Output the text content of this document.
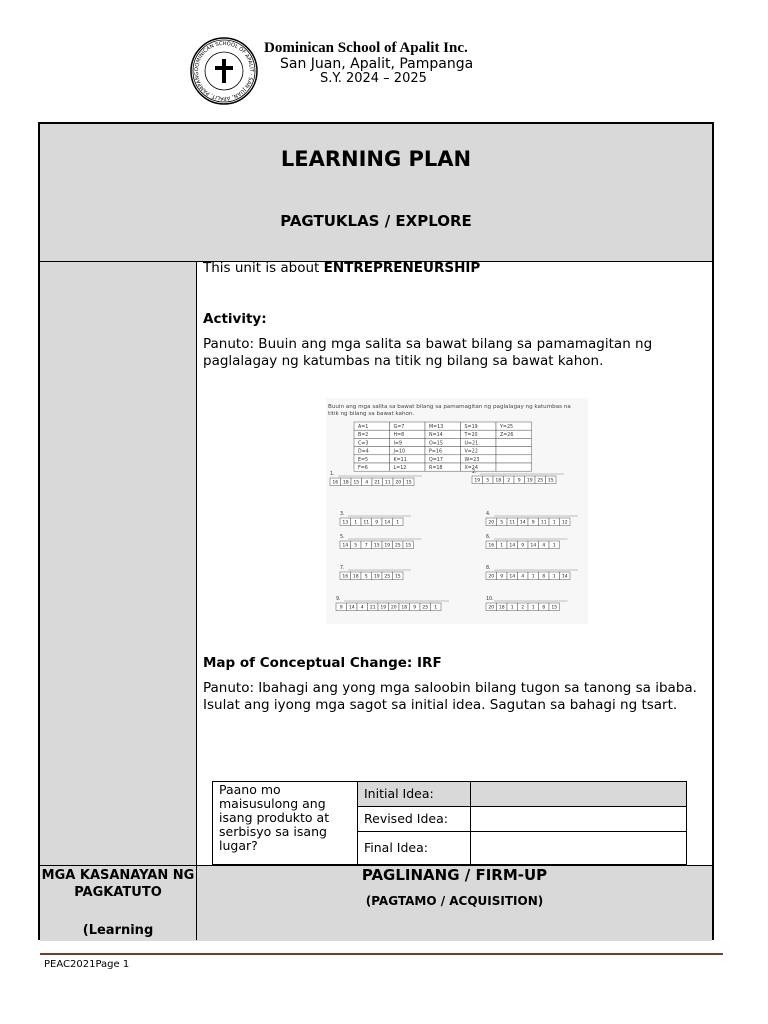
DOMINICAN SCHOOL OF APALIT · SAN JUAN, APALIT, PAMPANG
Dominican School of Apalit Inc.
San Juan, Apalit, Pampanga
S.Y. 2024 – 2025
LEARNING PLAN
PAGTUKLAS / EXPLORE
This unit is about ENTREPRENEURSHIP
Activity:
Panuto: Buuin ang mga salita sa bawat bilang sa pamamagitan ng paglalagay ng katumbas na titik ng bilang sa bawat kahon.
Buuin ang mga salita sa bawat bilang sa pamamagitan ng paglalagay ng katumbas na titik ng bilang sa bawat kahon.
A=1	G=7	M=13	S=19	Y=25
B=2	H=8	N=14	T=20	Z=26
C=3	I=9	O=15	U=21
D=4	J=10	P=16	V=22
E=5	K=11	Q=17	W=23
F=6	L=12	R=18	X=24
1.
16 18 15 4 21 11 20 15
2.
19 5 18 2 9 19 25 15
3.
13 1 11 9 14 1
4.
20 5 11 14 9 11 1 12
5.
14 5 7 15 19 25 15
6.
16 1 14 9 14 4 1
7.
16 18 5 19 25 15
8.
20 9 14 4 1 8 1 14
9.
9 14 4 21 19 20 18 9 25 1
10.
20 18 1 2 1 8 15
Map of Conceptual Change: IRF
Panuto: Ibahagi ang yong mga saloobin bilang tugon sa tanong sa ibaba. Isulat ang iyong mga sagot sa initial idea. Sagutan sa bahagi ng tsart.
Paano mo maisusulong ang isang produkto at serbisyo sa isang lugar?	Initial Idea:	
	Revised Idea:	
	Final Idea:	
MGA KASANAYAN NG PAGKATUTO
(Learning
PAGLINANG / FIRM-UP
(PAGTAMO / ACQUISITION)
PEAC2021Page 1
